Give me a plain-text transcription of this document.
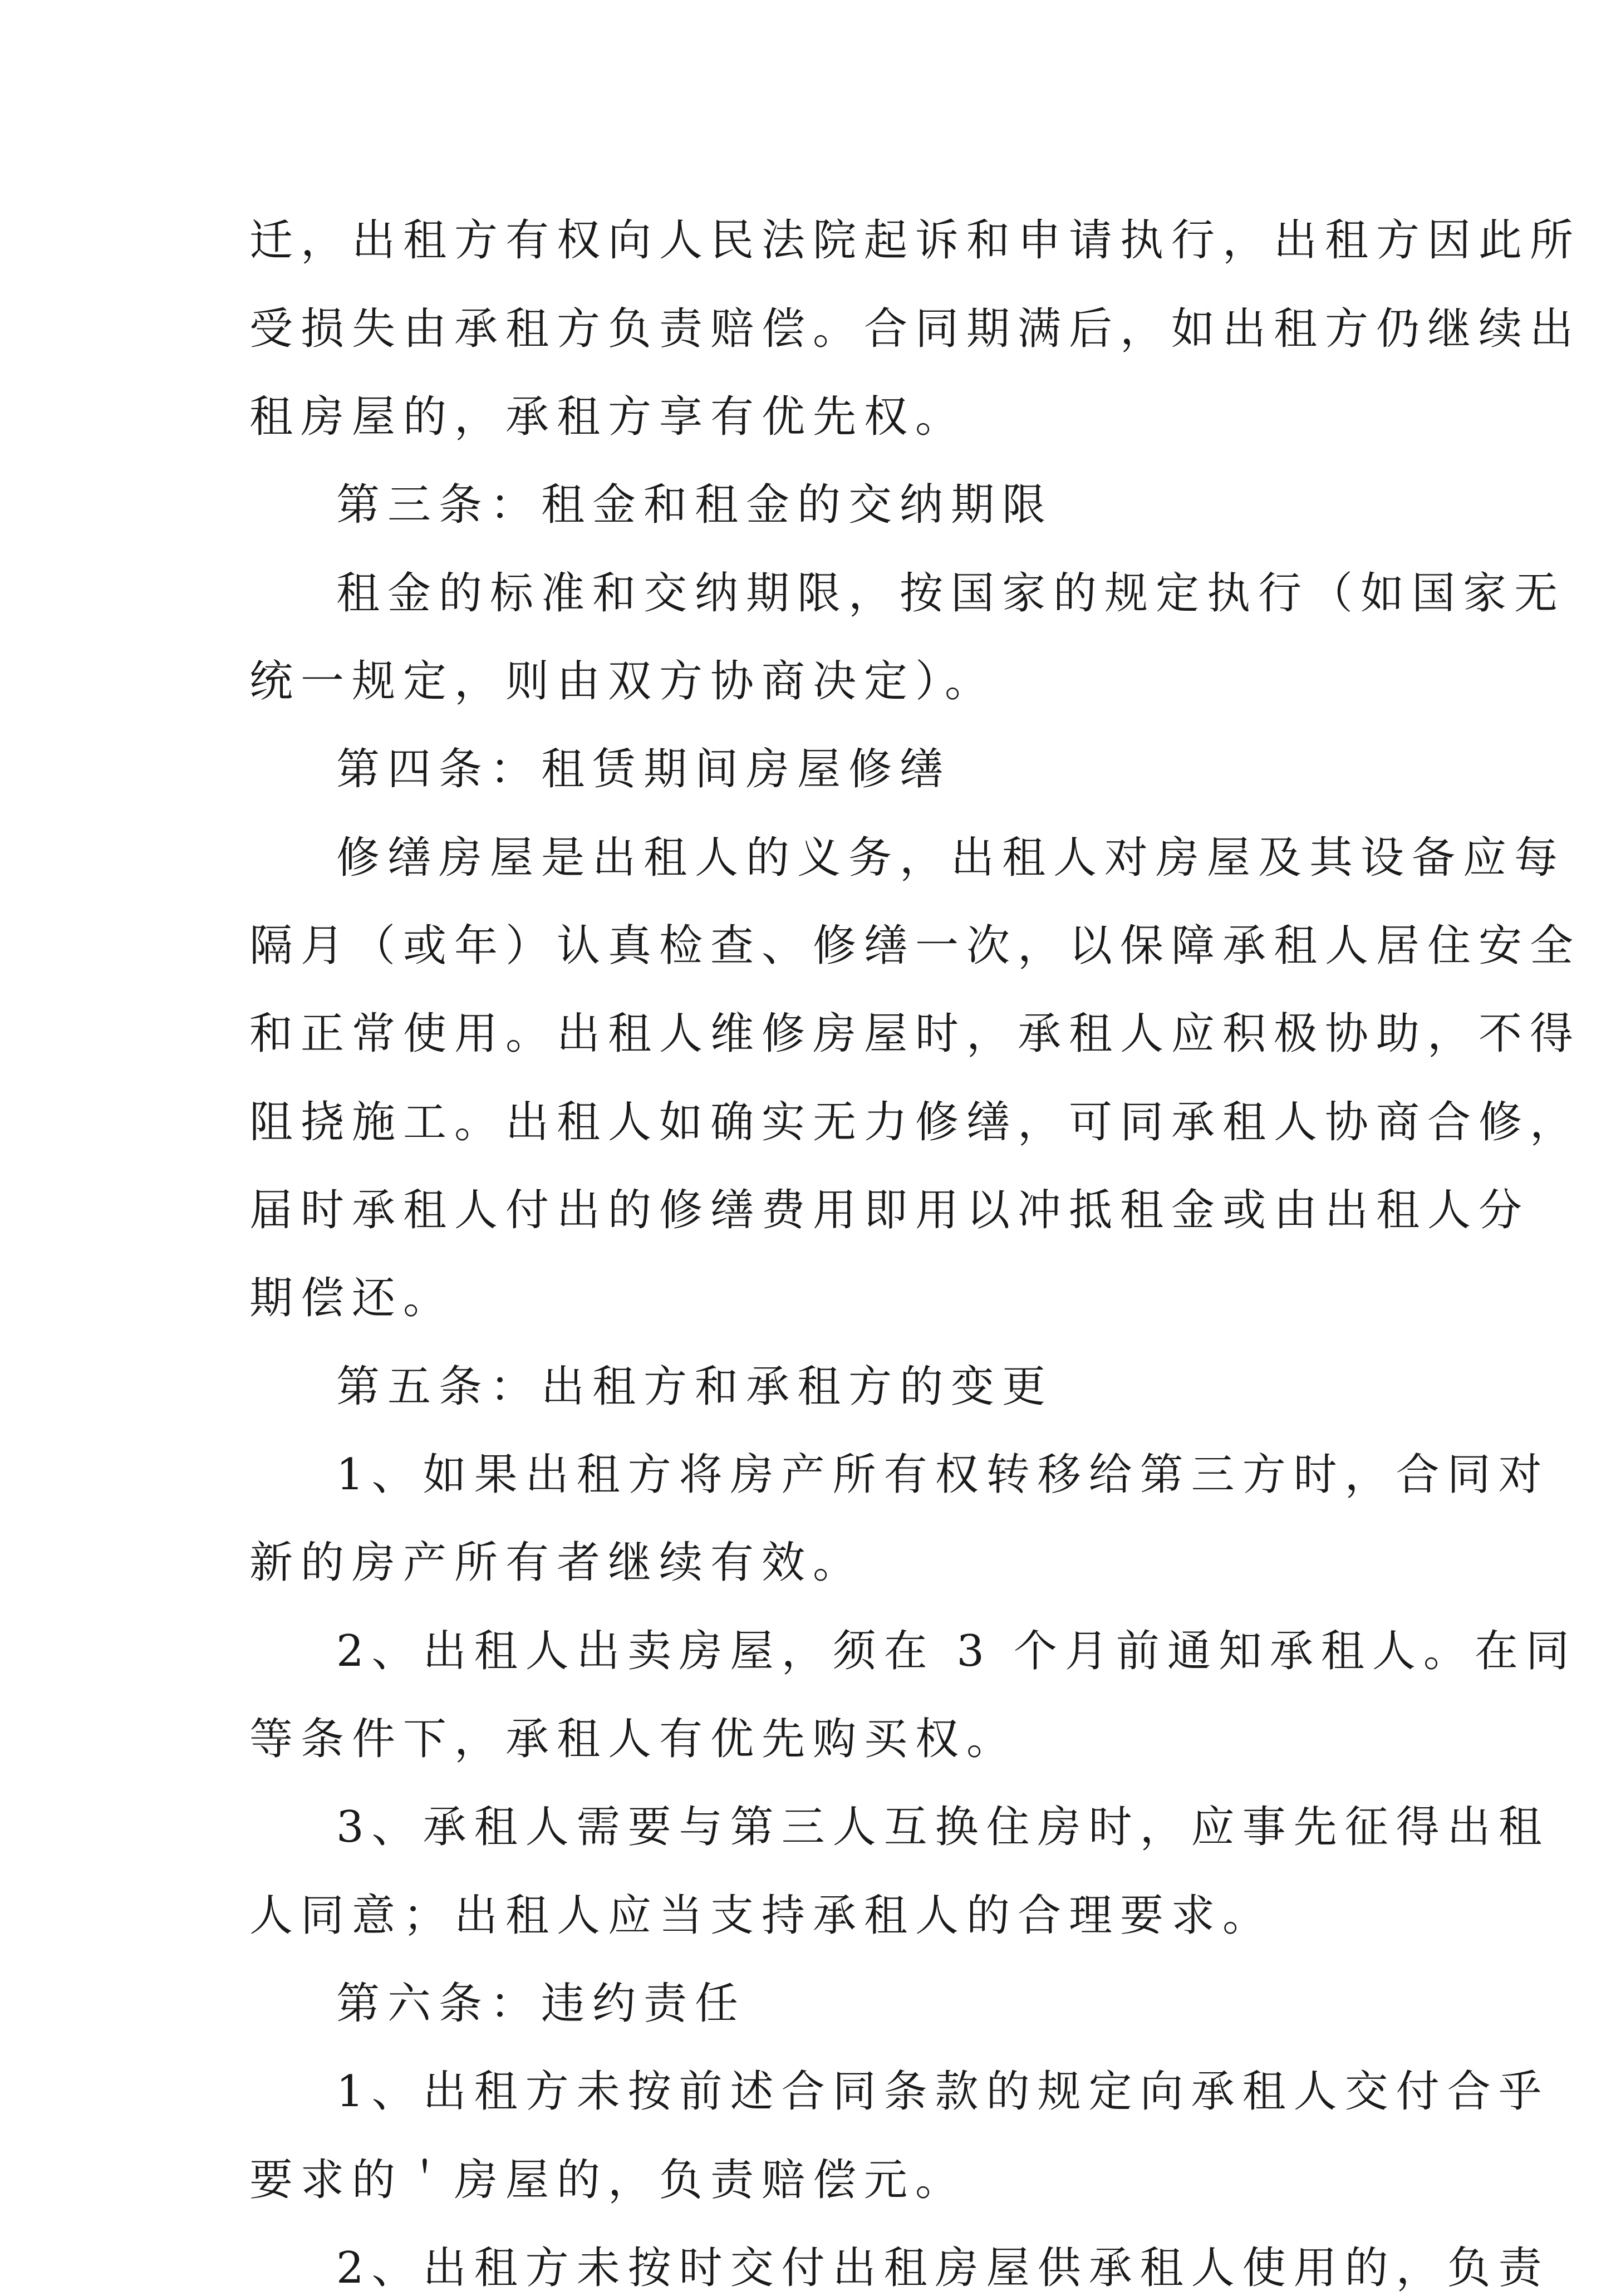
迁，出租方有权向人民法院起诉和申请执行，出租方因此所

受损失由承租方负责赔偿。合同期满后，如出租方仍继续出

租房屋的，承租方享有优先权。

第三条：租金和租金的交纳期限

租金的标准和交纳期限，按国家的规定执行（如国家无

统一规定，则由双方协商决定）。

第四条：租赁期间房屋修缮

修缮房屋是出租人的义务，出租人对房屋及其设备应每

隔月（或年）认真检查、修缮一次，以保障承租人居住安全

和正常使用。出租人维修房屋时，承租人应积极协助，不得

阻挠施工。出租人如确实无力修缮，可同承租人协商合修，

届时承租人付出的修缮费用即用以冲抵租金或由出租人分

期偿还。

第五条：出租方和承租方的变更

1、如果出租方将房产所有权转移给第三方时，合同对

新的房产所有者继续有效。

2、出租人出卖房屋，须在 3 个月前通知承租人。在同

等条件下，承租人有优先购买权。

3、承租人需要与第三人互换住房时，应事先征得出租

人同意；出租人应当支持承租人的合理要求。

第六条：违约责任

1、出租方未按前述合同条款的规定向承租人交付合乎

要求的＇房屋的，负责赔偿元。

2、出租方未按时交付出租房屋供承租人使用的，负责
